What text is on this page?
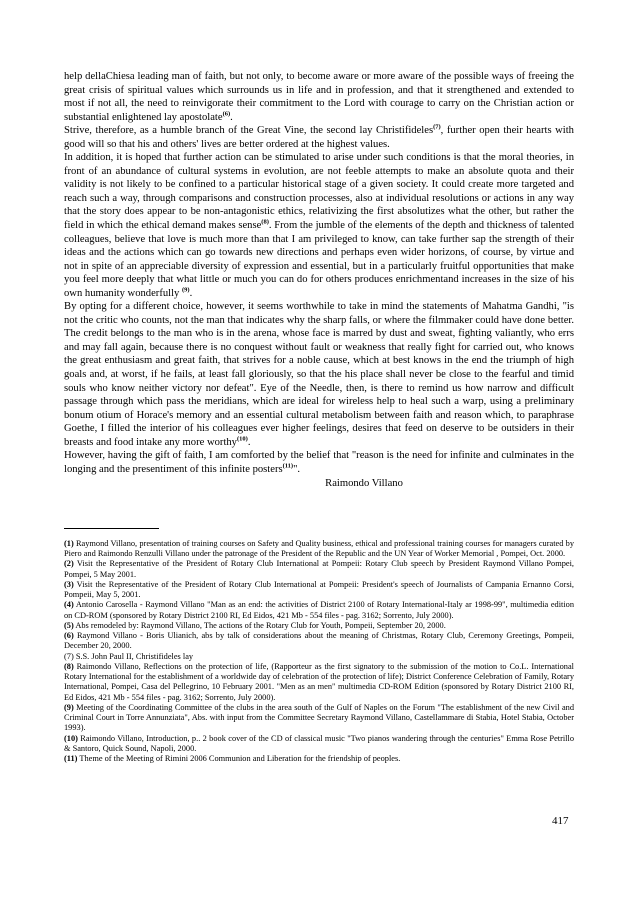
help dellaChiesa leading man of faith, but not only, to become aware or more aware of the possible ways of freeing the great crisis of spiritual values which surrounds us in life and in profession, and that it strengthened and extended to most if not all, the need to reinvigorate their commitment to the Lord with courage to carry on the Christian action or substantial enlightened lay apostolate$^{(6)}$.

Strive, therefore, as a humble branch of the Great Vine, the second lay Christifideles$^{(7)}$, further open their hearts with good will so that his and others' lives are better ordered at the highest values.

In addition, it is hoped that further action can be stimulated to arise under such conditions is that the moral theories, in front of an abundance of cultural systems in evolution, are not feeble attempts to make an absolute quota and their validity is not likely to be confined to a particular historical stage of a given society. It could create more targeted and reach such a way, through comparisons and construction processes, also at individual resolutions or actions in any way that the story does appear to be non-antagonistic ethics, relativizing the first absolutizes what the other, but rather the field in which the ethical demand makes sense$^{(8)}$. From the jumble of the elements of the depth and thickness of talented colleagues, believe that love is much more than that I am privileged to know, can take further sap the strength of their ideas and the actions which can go towards new directions and perhaps even wider horizons, of course, by virtue and not in spite of an appreciable diversity of expression and essential, but in a particularly fruitful opportunities that make you feel more deeply that what little or much you can do for others produces enrichmentand increases in the size of his own humanity wonderfully $^{(9)}$.

By opting for a different choice, however, it seems worthwhile to take in mind the statements of Mahatma Gandhi, "is not the critic who counts, not the man that indicates why the sharp falls, or where the filmmaker could have done better. The credit belongs to the man who is in the arena, whose face is marred by dust and sweat, fighting valiantly, who errs and may fall again, because there is no conquest without fault or weakness that really fight for carried out, who knows the great enthusiasm and great faith, that strives for a noble cause, which at best knows in the end the triumph of high goals and, at worst, if he fails, at least fall gloriously, so that the his place shall never be close to the fearful and timid souls who know neither victory nor defeat". Eye of the Needle, then, is there to remind us how narrow and difficult passage through which pass the meridians, which are ideal for wireless help to heal such a warp, using a preliminary bonum otium of Horace's memory and an essential cultural metabolism between faith and reason which, to paraphrase Goethe, I filled the interior of his colleagues ever higher feelings, desires that feed on deserve to be outsiders in their breasts and food intake any more worthy$^{(10)}$.

However, having the gift of faith, I am comforted by the belief that "reason is the need for infinite and culminates in the longing and the presentiment of this infinite posters$^{(11)}$".

Raimondo Villano

(1) Raymond Villano, presentation of training courses on Safety and Quality business, ethical and professional training courses for managers curated by Piero and Raimondo Renzulli Villano under the patronage of the President of the Republic and the UN Year of Worker Memorial , Pompei, Oct. 2000.

(2) Visit the Representative of the President of Rotary Club International at Pompeii: Rotary Club speech by President Raymond Villano Pompei, Pompei, 5 May 2001.

(3) Visit the Representative of the President of Rotary Club International at Pompeii: President's speech of Journalists of Campania Ernanno Corsi, Pompeii, May 5, 2001.

(4) Antonio Carosella - Raymond Villano "Man as an end: the activities of District 2100 of Rotary International-Italy ar 1998-99", multimedia edition on CD-ROM (sponsored by Rotary District 2100 RI, Ed Eidos, 421 Mb - 554 files - pag. 3162; Sorrento, July 2000).

(5) Abs remodeled by: Raymond Villano, The actions of the Rotary Club for Youth, Pompeii, September 20, 2000.

(6) Raymond Villano - Boris Ulianich, abs by talk of considerations about the meaning of Christmas, Rotary Club, Ceremony Greetings, Pompeii, December 20, 2000.

(7) S.S. John Paul II, Christifideles lay

(8) Raimondo Villano, Reflections on the protection of life, (Rapporteur as the first signatory to the submission of the motion to Co.L. International Rotary International for the establishment of a worldwide day of celebration of the protection of life); District Conference Celebration of Family, Rotary International, Pompei, Casa del Pellegrino, 10 February 2001. "Men as an men" multimedia CD-ROM Edition (sponsored by Rotary District 2100 RI, Ed Eidos, 421 Mb - 554 files - pag. 3162; Sorrento, July 2000).

(9) Meeting of the Coordinating Committee of the clubs in the area south of the Gulf of Naples on the Forum "The establishment of the new Civil and Criminal Court in Torre Annunziata", Abs. with input from the Committee Secretary Raymond Villano, Castellammare di Stabia, Hotel Stabia, October 1993).

(10) Raimondo Villano, Introduction, p.. 2 book cover of the CD of classical music "Two pianos wandering through the centuries" Emma Rose Petrillo & Santoro, Quick Sound, Napoli, 2000.

(11) Theme of the Meeting of Rimini 2006 Communion and Liberation for the friendship of peoples.

417
